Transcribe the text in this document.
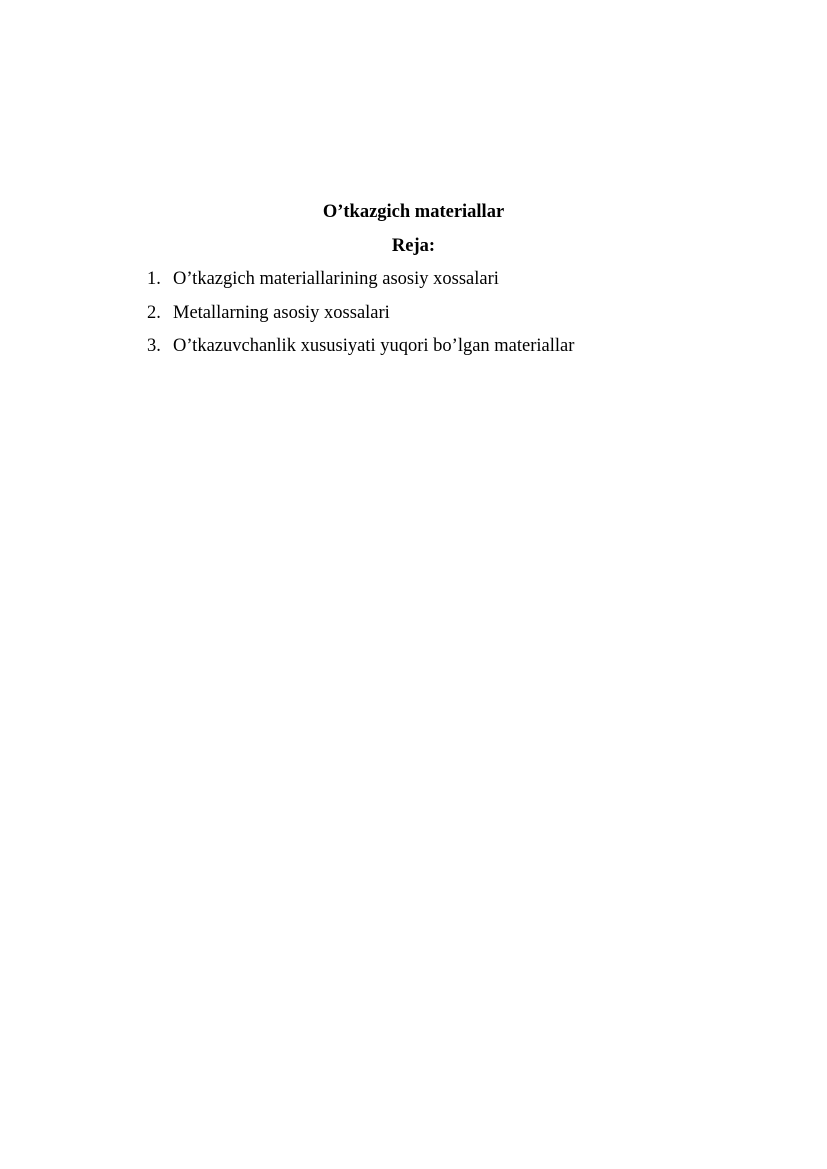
O’tkazgich materiallar
Reja:
1. O’tkazgich materiallarining asosiy xossalari
2. Metallarning asosiy xossalari
3. O’tkazuvchanlik xususiyati yuqori bo’lgan materiallar
